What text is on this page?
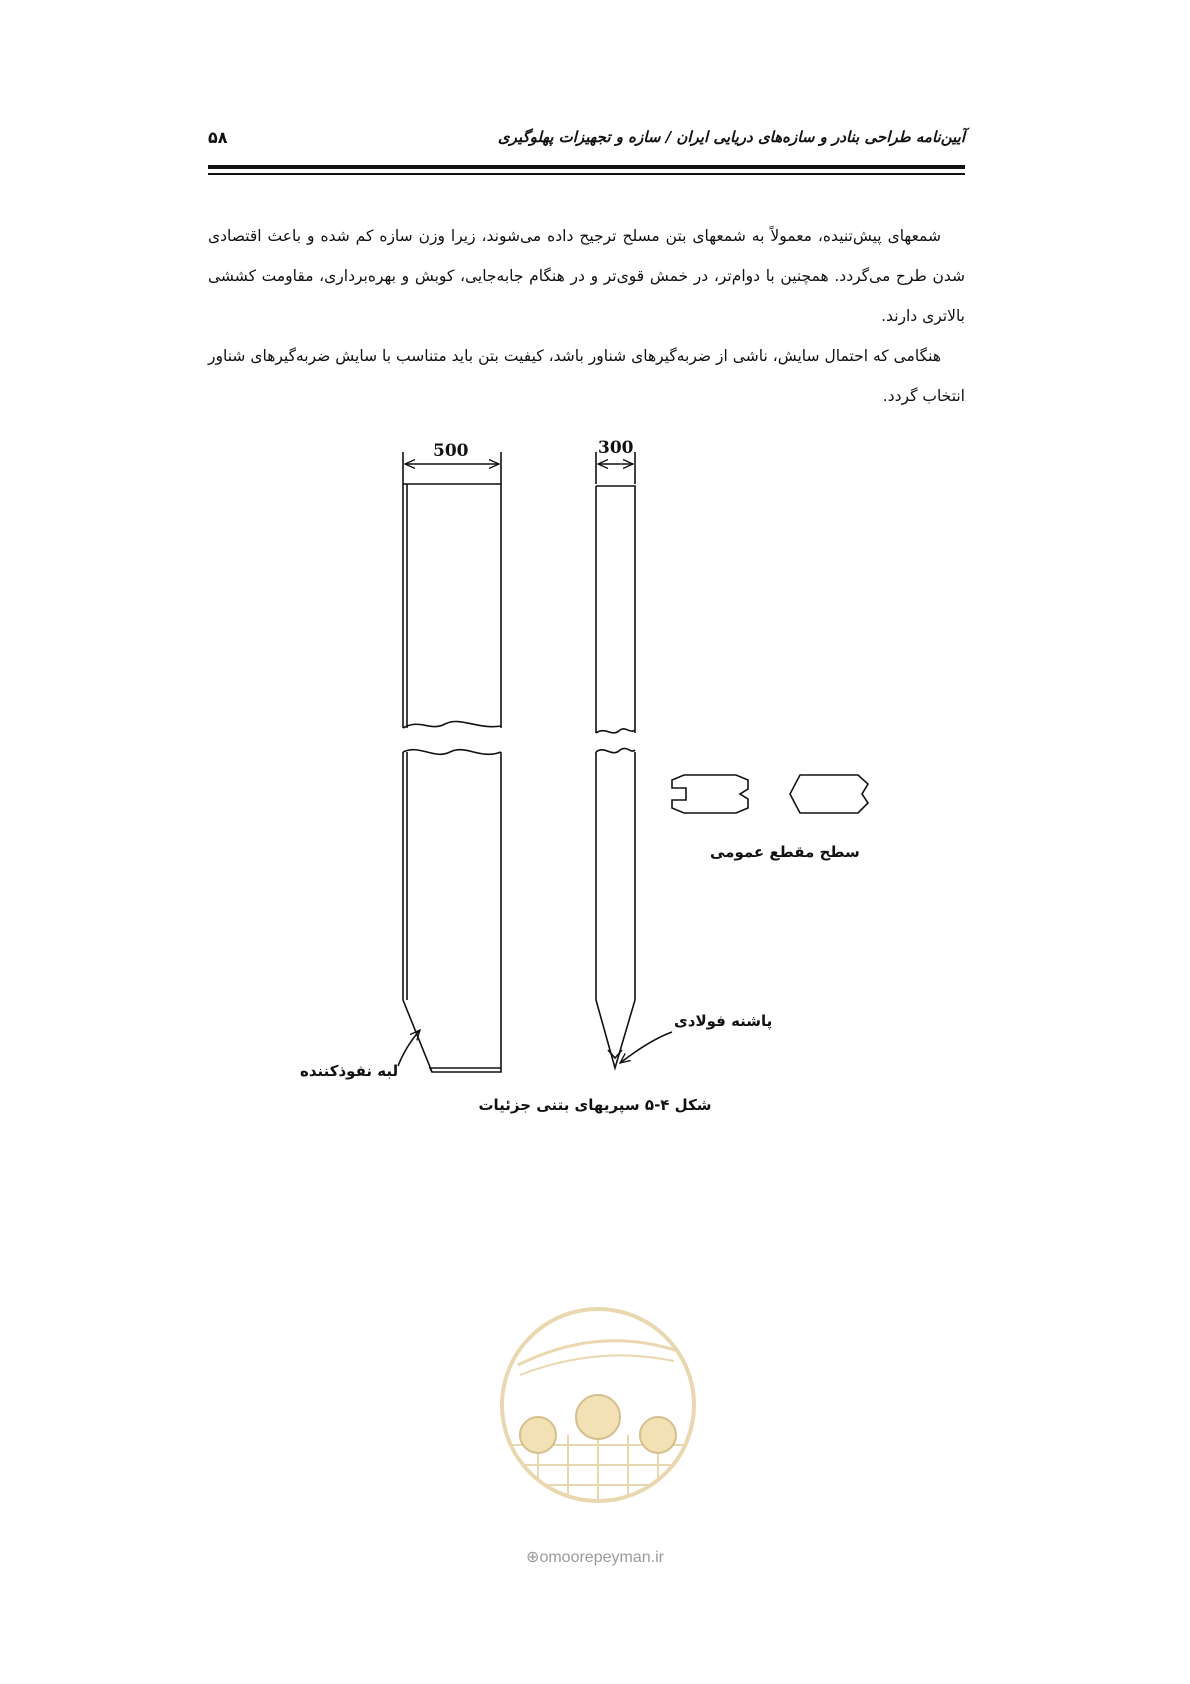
آیین‌نامه طراحی بنادر و سازه‌های دریایی ایران / سازه و تجهیزات پهلوگیری
۵۸

شمعهای پیش‌تنیده، معمولاً به شمعهای بتن مسلح ترجیح داده می‌شوند، زیرا وزن سازه کم شده و باعث اقتصادی شدن طرح می‌گردد. همچنین با دوام‌تر، در خمش قوی‌تر و در هنگام جابه‌جایی، کوبش و بهره‌برداری، مقاومت کششی بالاتری دارند.

هنگامی که احتمال سایش، ناشی از ضربه‌گیرهای شناور باشد، کیفیت بتن باید متناسب با سایش ضربه‌گیرهای شناور انتخاب گردد.

500	300
سطح مقطع عمومی
پاشنه فولادی
لبه نفوذکننده
شکل ۴-۵ سپریهای بتنی جزئیات
⊕omoorepeyman.ir
